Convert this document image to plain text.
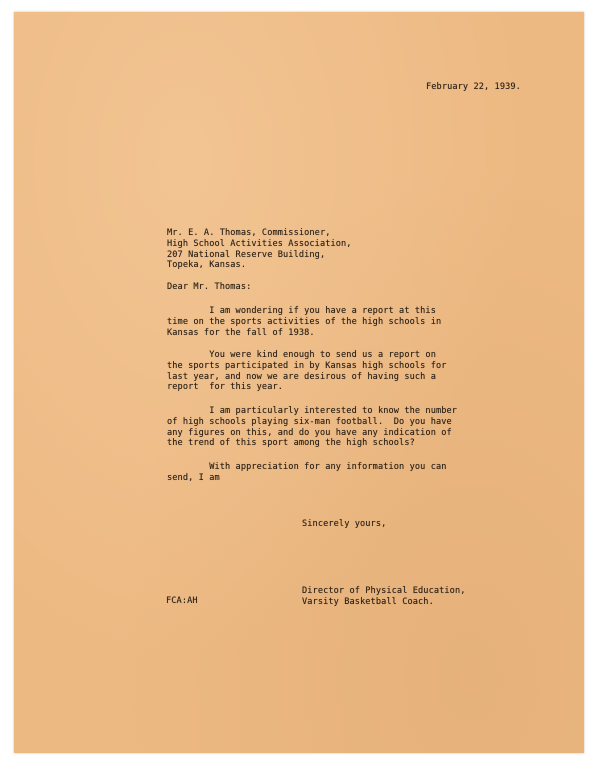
February 22, 1939.
Mr. E. A. Thomas, Commissioner,
High School Activities Association,
207 National Reserve Building,
Topeka, Kansas.
Dear Mr. Thomas:
I am wondering if you have a report at this
time on the sports activities of the high schools in
Kansas for the fall of 1938.
You were kind enough to send us a report on
the sports participated in by Kansas high schools for
last year, and now we are desirous of having such a
report  for this year.
I am particularly interested to know the number
of high schools playing six-man football.  Do you have
any figures on this, and do you have any indication of
the trend of this sport among the high schools?
With appreciation for any information you can
send, I am
Sincerely yours,
Director of Physical Education,
Varsity Basketball Coach.
FCA:AH
